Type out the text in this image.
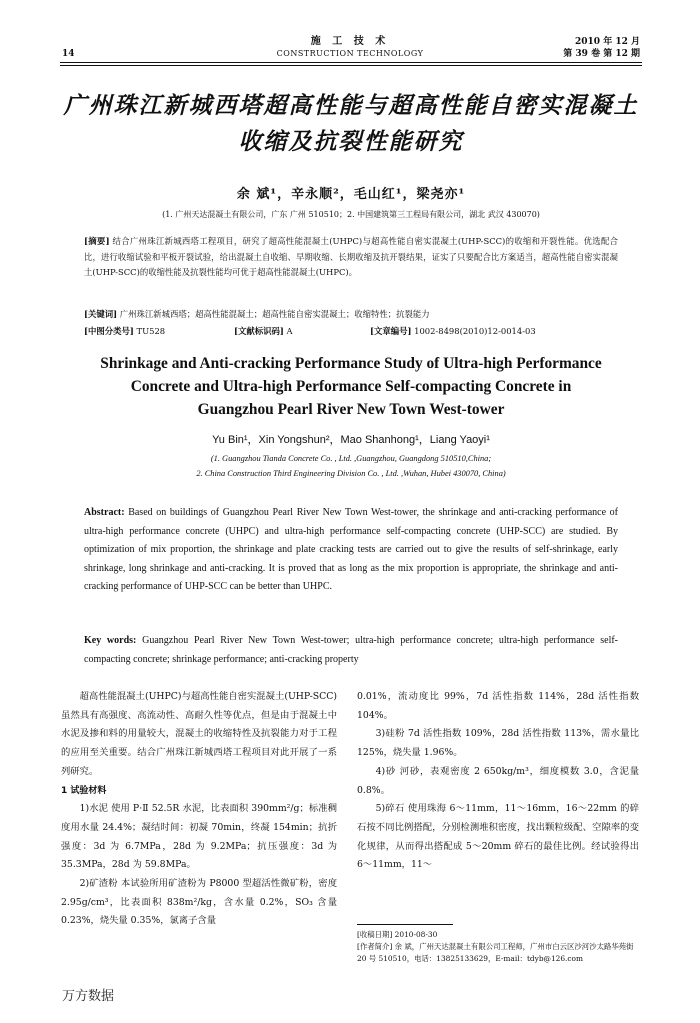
14
施 工 技 术
CONSTRUCTION TECHNOLOGY
2010 年 12 月
第 39 卷 第 12 期
广州珠江新城西塔超高性能与超高性能自密实混凝土
收缩及抗裂性能研究
余 斌¹，辛永顺²，毛山红¹，梁尧亦¹
(1. 广州天达混凝土有限公司，广东 广州 510510；2. 中国建筑第三工程局有限公司，湖北 武汉 430070)
[摘要] 结合广州珠江新城西塔工程项目，研究了超高性能混凝土(UHPC)与超高性能自密实混凝土(UHP-SCC)的收缩和开裂性能。优选配合比，进行收缩试验和平板开裂试验，给出混凝土自收缩、早期收缩、长期收缩及抗开裂结果，证实了只要配合比方案适当，超高性能自密实混凝土(UHP-SCC)的收缩性能及抗裂性能均可优于超高性能混凝土(UHPC)。
[关键词] 广州珠江新城西塔；超高性能混凝土；超高性能自密实混凝土；收缩特性；抗裂能力
[中图分类号] TU528	[文献标识码] A	[文章编号] 1002-8498(2010)12-0014-03
Shrinkage and Anti-cracking Performance Study of Ultra-high Performance
Concrete and Ultra-high Performance Self-compacting Concrete in
Guangzhou Pearl River New Town West-tower
Yu Bin¹，Xin Yongshun²，Mao Shanhong¹，Liang Yaoyi¹
(1. Guangzhou Tianda Concrete Co. , Ltd. ,Guangzhou, Guangdong 510510,China;
2. China Construction Third Engineering Division Co. , Ltd. ,Wuhan, Hubei 430070, China)
Abstract: Based on buildings of Guangzhou Pearl River New Town West-tower, the shrinkage and anti-cracking performance of ultra-high performance concrete (UHPC) and ultra-high performance self-compacting concrete (UHP-SCC) are studied. By optimization of mix proportion, the shrinkage and plate cracking tests are carried out to give the results of self-shrinkage, early shrinkage, long shrinkage and anti-cracking. It is proved that as long as the mix proportion is appropriate, the shrinkage and anti-cracking performance of UHP-SCC can be better than UHPC.
Key words: Guangzhou Pearl River New Town West-tower; ultra-high performance concrete; ultra-high performance self-compacting concrete; shrinkage performance; anti-cracking property

超高性能混凝土(UHPC)与超高性能自密实混凝土(UHP-SCC)虽然具有高强度、高流动性、高耐久性等优点，但是由于混凝土中水泥及掺和料的用量较大，混凝土的收缩特性及抗裂能力对于工程的应用至关重要。结合广州珠江新城西塔工程项目对此开展了一系列研究。

1 试验材料

1)水泥 使用 P·Ⅱ 52.5R 水泥，比表面积 390mm²/g；标准稠度用水量 24.4%；凝结时间：初凝 70min，终凝 154min；抗折强度：3d 为 6.7MPa，28d 为 9.2MPa；抗压强度：3d 为 35.3MPa，28d 为 59.8MPa。

2)矿渣粉 本试验所用矿渣粉为 P8000 型超活性微矿粉，密度 2.95g/cm³，比表面积 838m²/kg，含水量 0.2%，SO₃ 含量 0.23%，烧失量 0.35%，氯离子含量

0.01%，流动度比 99%，7d 活性指数 114%，28d 活性指数 104%。

3)硅粉 7d 活性指数 109%，28d 活性指数 113%，需水量比 125%，烧失量 1.96%。

4)砂 河砂，表观密度 2 650kg/m³，细度模数 3.0，含泥量 0.8%。

5)碎石 使用珠海 6～11mm，11～16mm，16～22mm 的碎石按不同比例搭配，分别检测堆积密度，找出颗粒级配、空隙率的变化规律，从而得出搭配成 5～20mm 碎石的最佳比例。经试验得出 6～11mm，11～

[收稿日期] 2010-08-30

[作者简介] 余 斌，广州天达混凝土有限公司工程师，广州市白云区沙河沙太路华苑街 20 号 510510，电话：13825133629，E-mail：tdyb@126.com

万方数据
